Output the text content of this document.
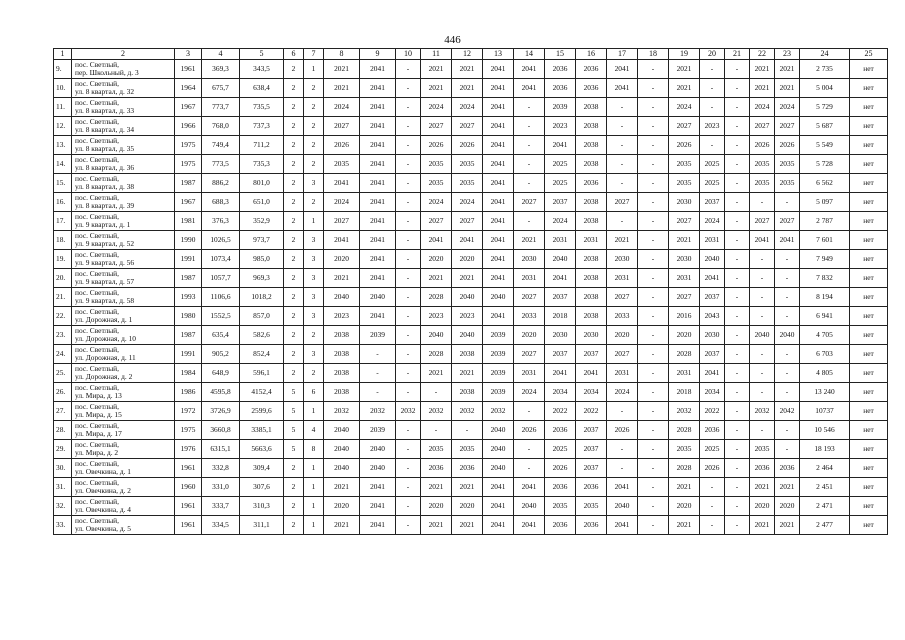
446
1	2	3	4	5	6	7	8	9	10	11	12	13	14	15	16	17	18	19	20	21	22	23	24	25
9.	пос. Светлый,
пер. Школьный, д. 3	1961	369,3	343,5	2	1	2021	2041	-	2021	2021	2041	2041	2036	2036	2041	-	2021	-	-	2021	2021	2 735	нет
10.	пос. Светлый,
ул. 8 квартал, д. 32	1964	675,7	638,4	2	2	2021	2041	-	2021	2021	2041	2041	2036	2036	2041	-	2021	-	-	2021	2021	5 004	нет
11.	пос. Светлый,
ул. 8 квартал, д. 33	1967	773,7	735,5	2	2	2024	2041	-	2024	2024	2041	-	2039	2038	-	-	2024	-	-	2024	2024	5 729	нет
12.	пос. Светлый,
ул. 8 квартал, д. 34	1966	768,0	737,3	2	2	2027	2041	-	2027	2027	2041	-	2023	2038	-	-	2027	2023	-	2027	2027	5 687	нет
13.	пос. Светлый,
ул. 8 квартал, д. 35	1975	749,4	711,2	2	2	2026	2041	-	2026	2026	2041	-	2041	2038	-	-	2026	-	-	2026	2026	5 549	нет
14.	пос. Светлый,
ул. 8 квартал, д. 36	1975	773,5	735,3	2	2	2035	2041	-	2035	2035	2041	-	2025	2038	-	-	2035	2025	-	2035	2035	5 728	нет
15.	пос. Светлый,
ул. 8 квартал, д. 38	1987	886,2	801,0	2	3	2041	2041	-	2035	2035	2041	-	2025	2036	-	-	2035	2025	-	2035	2035	6 562	нет
16.	пос. Светлый,
ул. 8 квартал, д. 39	1967	688,3	651,0	2	2	2024	2041	-	2024	2024	2041	2027	2037	2038	2027	-	2030	2037	-	-	-	5 097	нет
17.	пос. Светлый,
ул. 9 квартал, д. 1	1981	376,3	352,9	2	1	2027	2041	-	2027	2027	2041	-	2024	2038	-	-	2027	2024	-	2027	2027	2 787	нет
18.	пос. Светлый,
ул. 9 квартал, д. 52	1990	1026,5	973,7	2	3	2041	2041	-	2041	2041	2041	2021	2031	2031	2021	-	2021	2031	-	2041	2041	7 601	нет
19.	пос. Светлый,
ул. 9 квартал, д. 56	1991	1073,4	985,0	2	3	2020	2041	-	2020	2020	2041	2030	2040	2038	2030	-	2030	2040	-	-	-	7 949	нет
20.	пос. Светлый,
ул. 9 квартал, д. 57	1987	1057,7	969,3	2	3	2021	2041	-	2021	2021	2041	2031	2041	2038	2031	-	2031	2041	-	-	-	7 832	нет
21.	пос. Светлый,
ул. 9 квартал, д. 58	1993	1106,6	1018,2	2	3	2040	2040	-	2028	2040	2040	2027	2037	2038	2027	-	2027	2037	-	-	-	8 194	нет
22.	пос. Светлый,
ул. Дорожная, д. 1	1980	1552,5	857,0	2	3	2023	2041	-	2023	2023	2041	2033	2018	2038	2033	-	2016	2043	-	-	-	6 941	нет
23.	пос. Светлый,
ул. Дорожная, д. 10	1987	635,4	582,6	2	2	2038	2039	-	2040	2040	2039	2020	2030	2030	2020	-	2020	2030	-	2040	2040	4 705	нет
24.	пос. Светлый,
ул. Дорожная, д. 11	1991	905,2	852,4	2	3	2038	-	-	2028	2038	2039	2027	2037	2037	2027	-	2028	2037	-	-	-	6 703	нет
25.	пос. Светлый,
ул. Дорожная, д. 2	1984	648,9	596,1	2	2	2038	-	-	2021	2021	2039	2031	2041	2041	2031	-	2031	2041	-	-	-	4 805	нет
26.	пос. Светлый,
ул. Мира, д. 13	1986	4595,8	4152,4	5	6	2038	-	-	-	2038	2039	2024	2034	2034	2024	-	2018	2034	-	-	-	13 240	нет
27.	пос. Светлый,
ул. Мира, д. 15	1972	3726,9	2599,6	5	1	2032	2032	2032	2032	2032	2032	-	2022	2022	-	-	2032	2022	-	2032	2042	10737	нет
28.	пос. Светлый,
ул. Мира, д. 17	1975	3660,8	3385,1	5	4	2040	2039	-	-	-	2040	2026	2036	2037	2026	-	2028	2036	-	-	-	10 546	нет
29.	пос. Светлый,
ул. Мира, д. 2	1976	6315,1	5663,6	5	8	2040	2040	-	2035	2035	2040	-	2025	2037	-	-	2035	2025	-	2035	-	18 193	нет
30.	пос. Светлый,
ул. Овечкина, д. 1	1961	332,8	309,4	2	1	2040	2040	-	2036	2036	2040	-	2026	2037	-	-	2028	2026	-	2036	2036	2 464	нет
31.	пос. Светлый,
ул. Овечкина, д. 2	1960	331,0	307,6	2	1	2021	2041	-	2021	2021	2041	2041	2036	2036	2041	-	2021	-	-	2021	2021	2 451	нет
32.	пос. Светлый,
ул. Овечкина, д. 4	1961	333,7	310,3	2	1	2020	2041	-	2020	2020	2041	2040	2035	2035	2040	-	2020	-	-	2020	2020	2 471	нет
33.	пос. Светлый,
ул. Овечкина, д. 5	1961	334,5	311,1	2	1	2021	2041	-	2021	2021	2041	2041	2036	2036	2041	-	2021	-	-	2021	2021	2 477	нет
